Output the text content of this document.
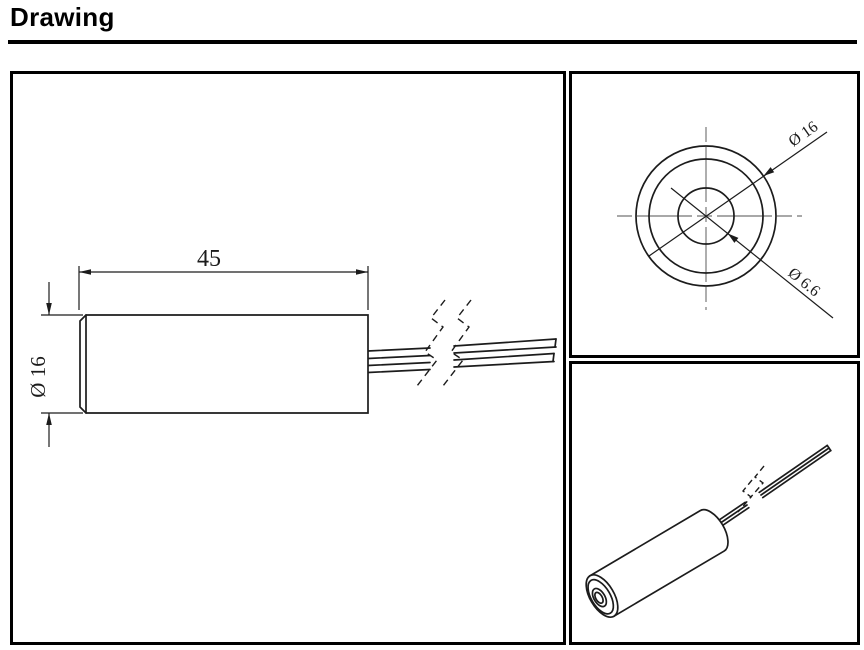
Drawing
45
Ø 16
Ø 16
Ø 6.6
